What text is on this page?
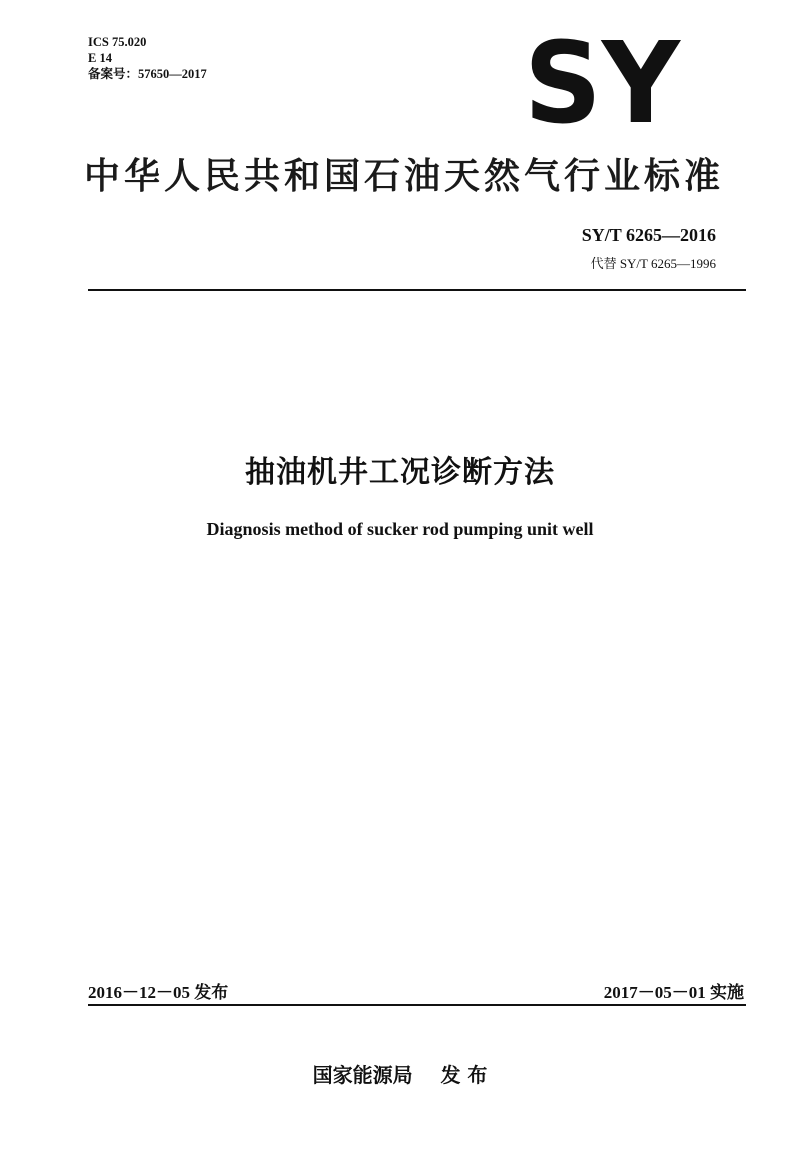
ICS 75.020
E 14
备案号：57650—2017	SY
中华人民共和国石油天然气行业标准
SY/T 6265—2016
代替 SY/T 6265—1996
抽油机井工况诊断方法
Diagnosis method of sucker rod pumping unit well
2016－12－05 发布	2017－05－01 实施
国家能源局 发 布
